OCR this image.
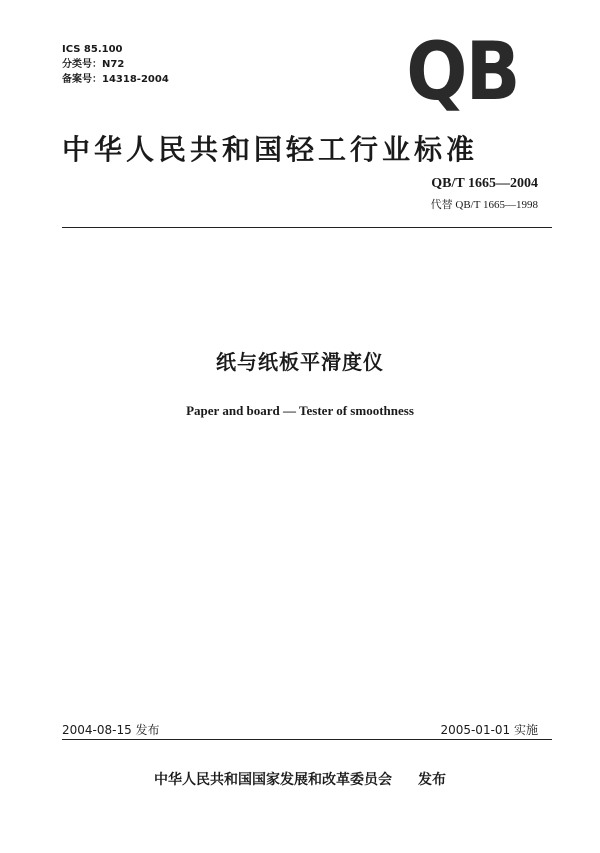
ICS 85.100
分类号：N72
备案号：14318-2004	QB
中华人民共和国轻工行业标准
QB/T 1665—2004
代替 QB/T 1665—1998
纸与纸板平滑度仪
Paper and board — Tester of smoothness
2004-08-15 发布	2005-01-01 实施
中华人民共和国国家发展和改革委员会 发布
